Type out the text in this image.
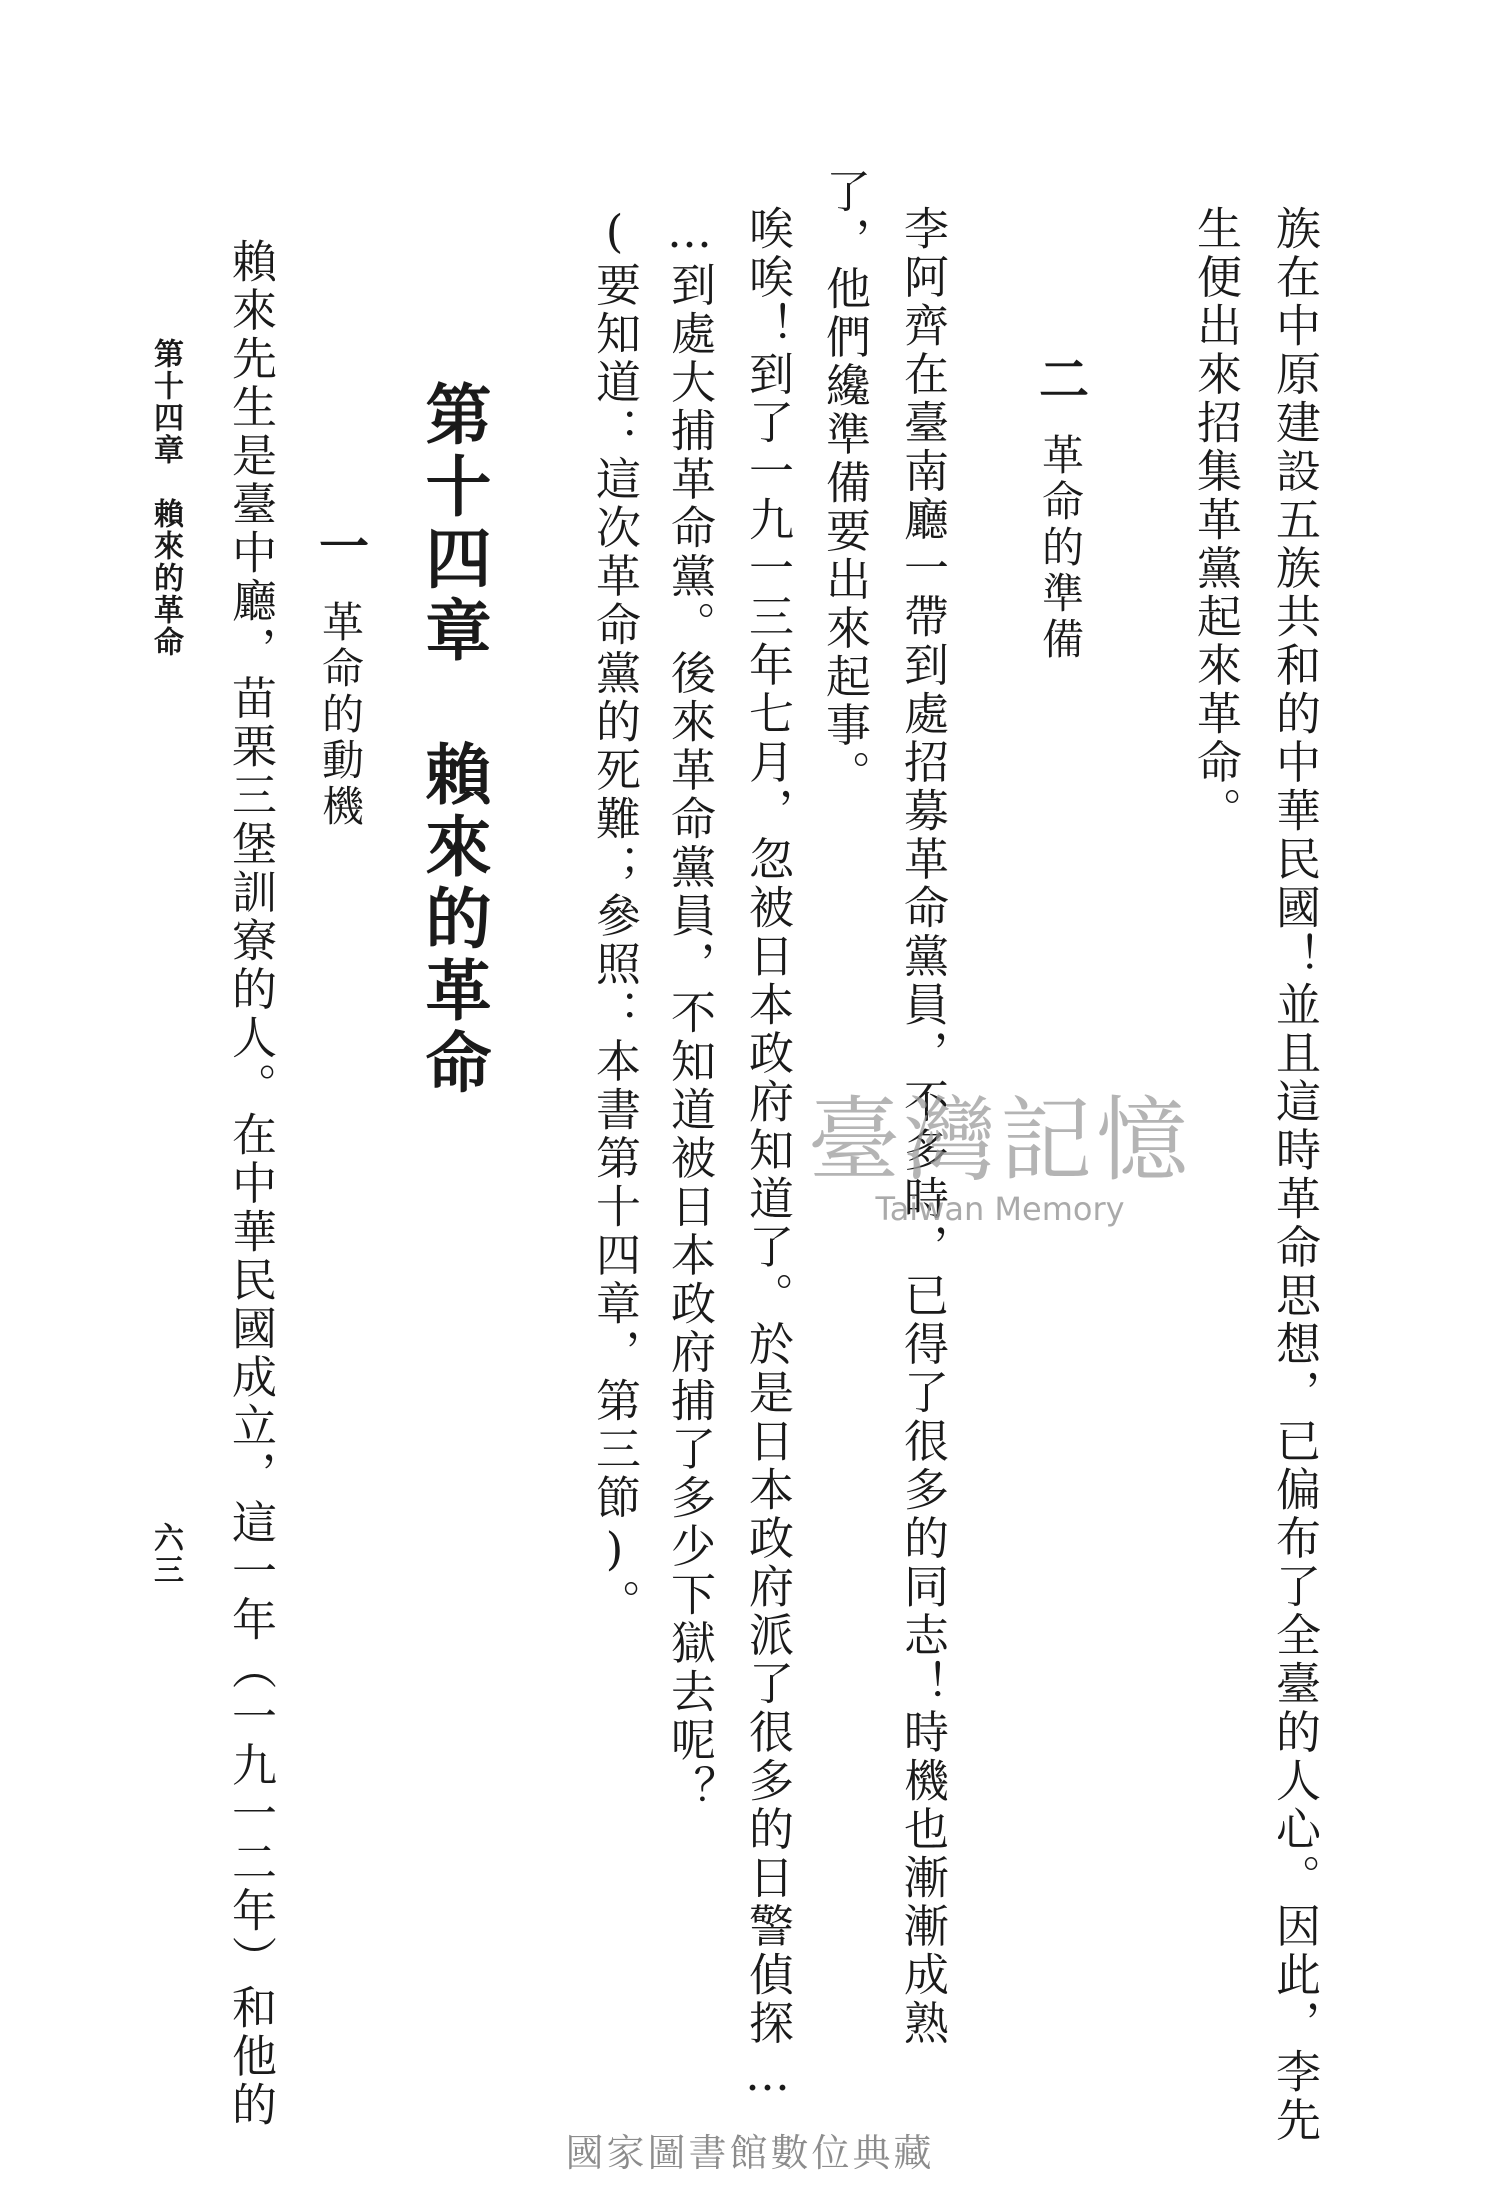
族在中原建設五族共和的中華民國！並且這時革命思想，已偏布了全臺的人心。因此，李先
生便出來招集革黨起來革命。
二革命的準備
李阿齊在臺南廳一帶到處招募革命黨員，不多時，已得了很多的同志！時機也漸漸成熟
了，他們纔準備要出來起事。
唉唉！到了一九一三年七月，忽被日本政府知道了。於是日本政府派了很多的日警偵探…
…到處大捕革命黨。後來革命黨員，不知道被日本政府捕了多少下獄去呢？
(要知道：這次革命黨的死難；參照：本書第十四章，第三節)。
第十四章　賴來的革命
一革命的動機
賴來先生是臺中廳，苗栗三堡訓寮的人。在中華民國成立，這一年（一九一二年）和他的
第十四章　賴來的革命
六三
臺灣記憶
Taiwan Memory
國家圖書館數位典藏
